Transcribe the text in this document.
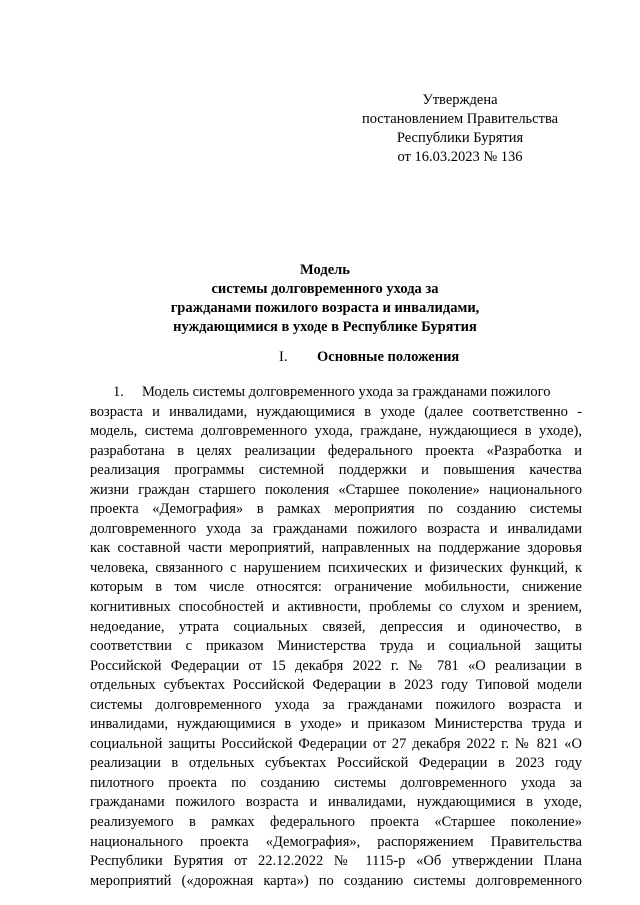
Утверждена
постановлением Правительства
Республики Бурятия
от 16.03.2023 № 136
Модель
системы долговременного ухода за
гражданами пожилого возраста и инвалидами,
нуждающимися в уходе в Республике Бурятия
I. Основные положения
1. Модель системы долговременного ухода за гражданами пожилого
возраста и инвалидами, нуждающимися в уходе (далее соответственно -
модель, система долговременного ухода, граждане, нуждающиеся в уходе),
разработана в целях реализации федерального проекта «Разработка и
реализация программы системной поддержки и повышения качества
жизни граждан старшего поколения «Старшее поколение» национального
проекта «Демография» в рамках мероприятия по созданию системы
долговременного ухода за гражданами пожилого возраста и инвалидами
как составной части мероприятий, направленных на поддержание здоровья
человека, связанного с нарушением психических и физических функций, к
которым в том числе относятся: ограничение мобильности, снижение
когнитивных способностей и активности, проблемы со слухом и зрением,
недоедание, утрата социальных связей, депрессия и одиночество, в
соответствии с приказом Министерства труда и социальной защиты
Российской Федерации от 15 декабря 2022 г. № 781 «О реализации в
отдельных субъектах Российской Федерации в 2023 году Типовой модели
системы долговременного ухода за гражданами пожилого возраста и
инвалидами, нуждающимися в уходе» и приказом Министерства труда и
социальной защиты Российской Федерации от 27 декабря 2022 г. № 821 «О
реализации в отдельных субъектах Российской Федерации в 2023 году
пилотного проекта по созданию системы долговременного ухода за
гражданами пожилого возраста и инвалидами, нуждающимися в уходе,
реализуемого в рамках федерального проекта «Старшее поколение»
национального проекта «Демография», распоряжением Правительства
Республики Бурятия от 22.12.2022 № 1115-р «Об утверждении Плана
мероприятий («дорожная карта») по созданию системы долговременного
